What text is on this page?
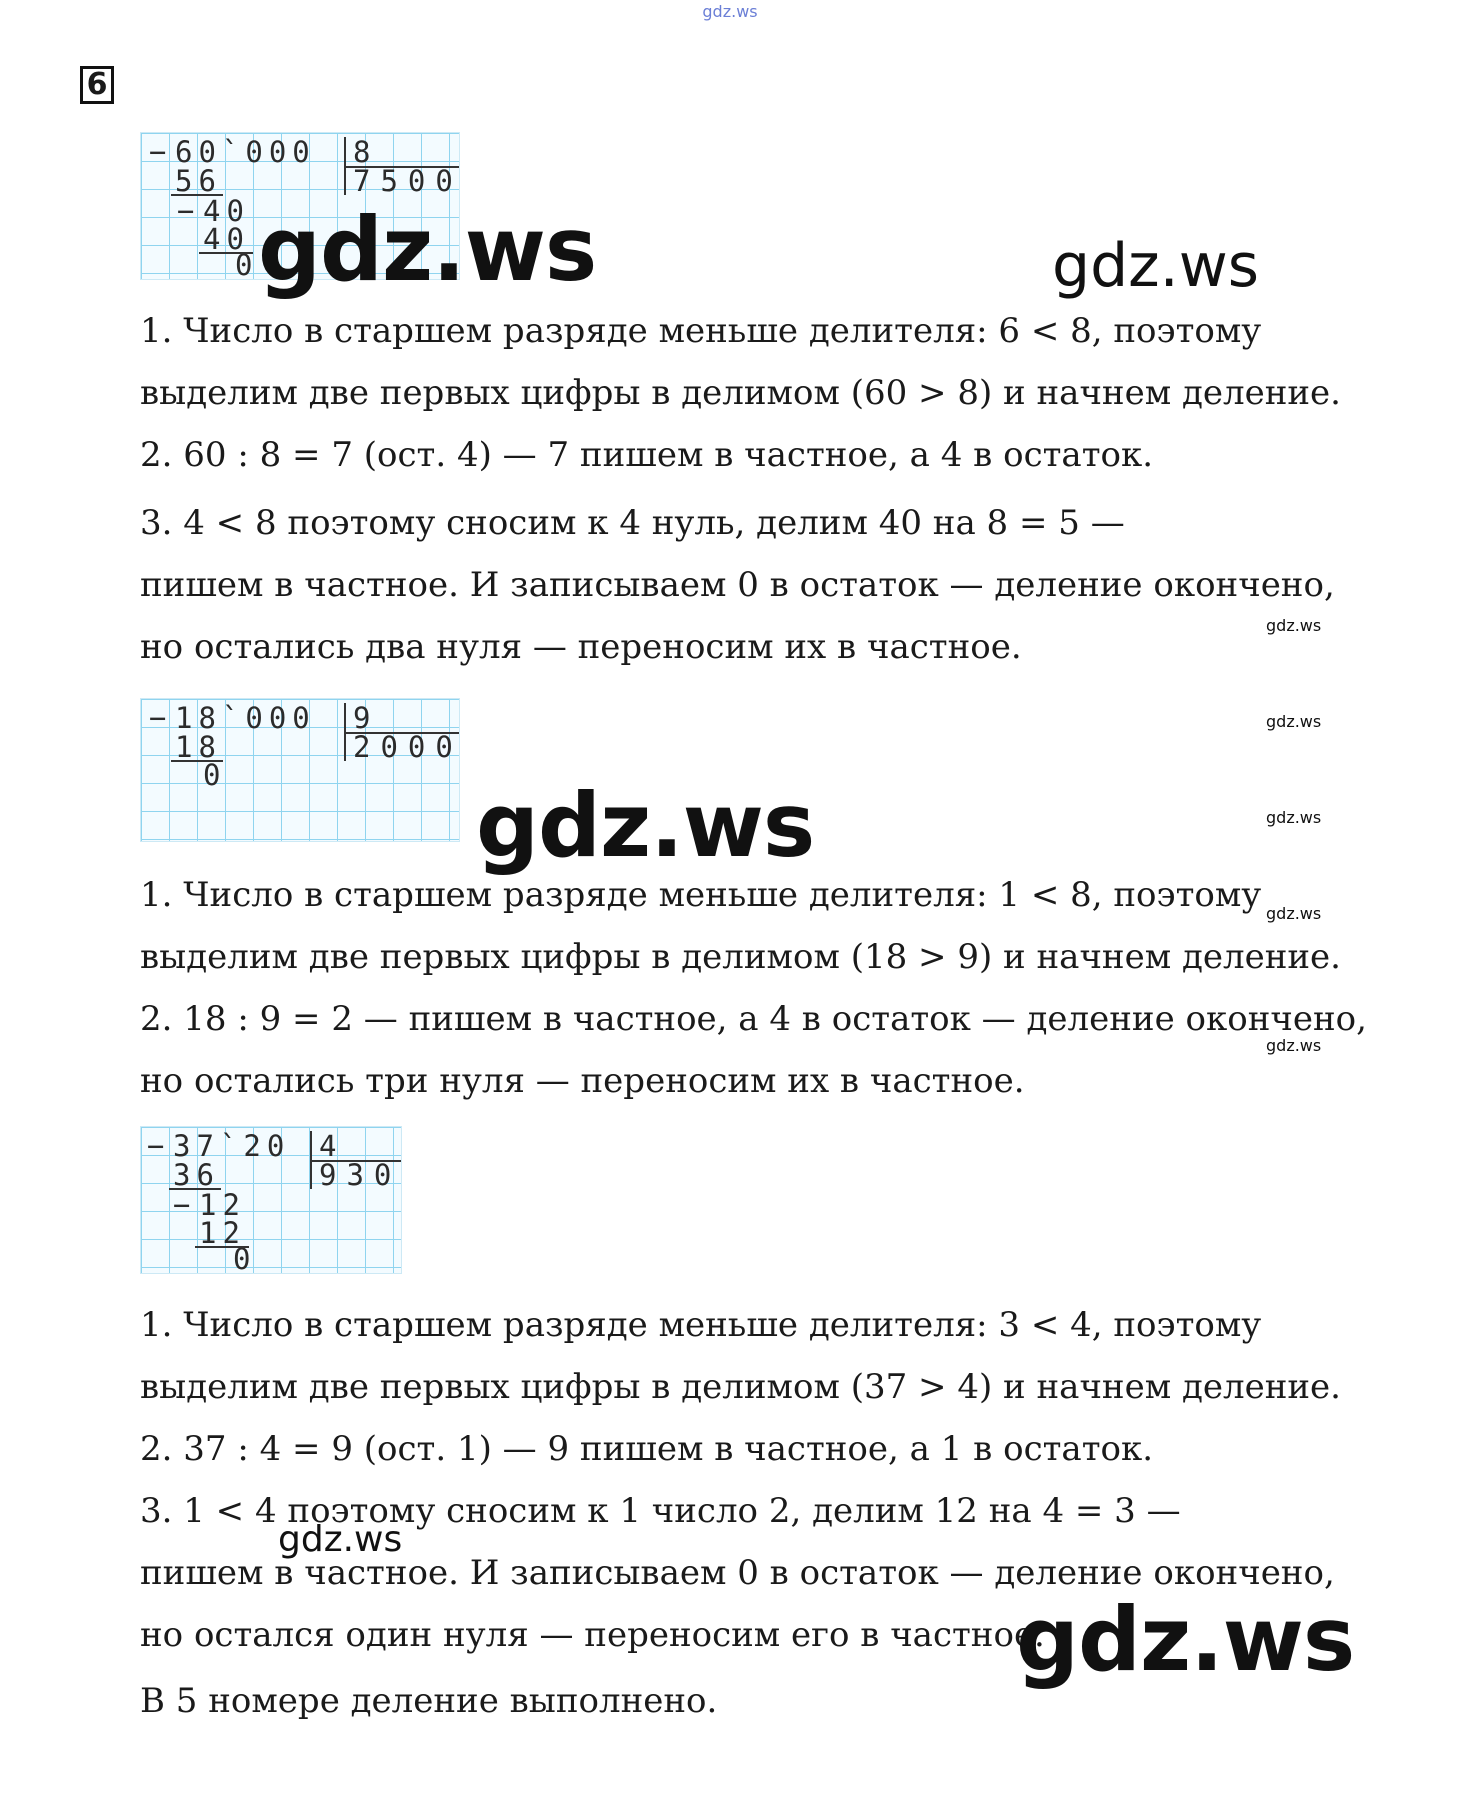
gdz.ws
6
− 60`000 8
56	7500
− 40
40
0 gdz.ws	gdz.ws

1. Число в старшем разряде меньше делителя: 6 < 8, поэтому

выделим две первых цифры в делимом (60 > 8) и начнем деление.

2. 60 : 8 = 7 (ост. 4) — 7 пишем в частное, а 4 в остаток.

3. 4 < 8 поэтому сносим к 4 нуль, делим 40 на 8 = 5 —

пишем в частное. И записываем 0 в остаток — деление окончено,

но остались два нуля — переносим их в частное.

gdz.ws
− 18`000 9
18	2000
0
gdz.ws
gdz.ws	gdz.ws
gdz.ws

1. Число в старшем разряде меньше делителя: 1 < 8, поэтому

выделим две первых цифры в делимом (18 > 9) и начнем деление.

2. 18 : 9 = 2 — пишем в частное, а 4 в остаток — деление окончено,

но остались три нуля — переносим их в частное.

gdz.ws
− 37`20 4
36	930
− 12
12
0

1. Число в старшем разряде меньше делителя: 3 < 4, поэтому

выделим две первых цифры в делимом (37 > 4) и начнем деление.

2. 37 : 4 = 9 (ост. 1) — 9 пишем в частное, а 1 в остаток.

3. 1 < 4 поэтому сносим к 1 число 2, делим 12 на 4 = 3 —

пишем в частное. И записываем 0 в остаток — деление окончено,

но остался один нуля — переносим его в частное.

gdz.ws
gdz.ws

В 5 номере деление выполнено.
